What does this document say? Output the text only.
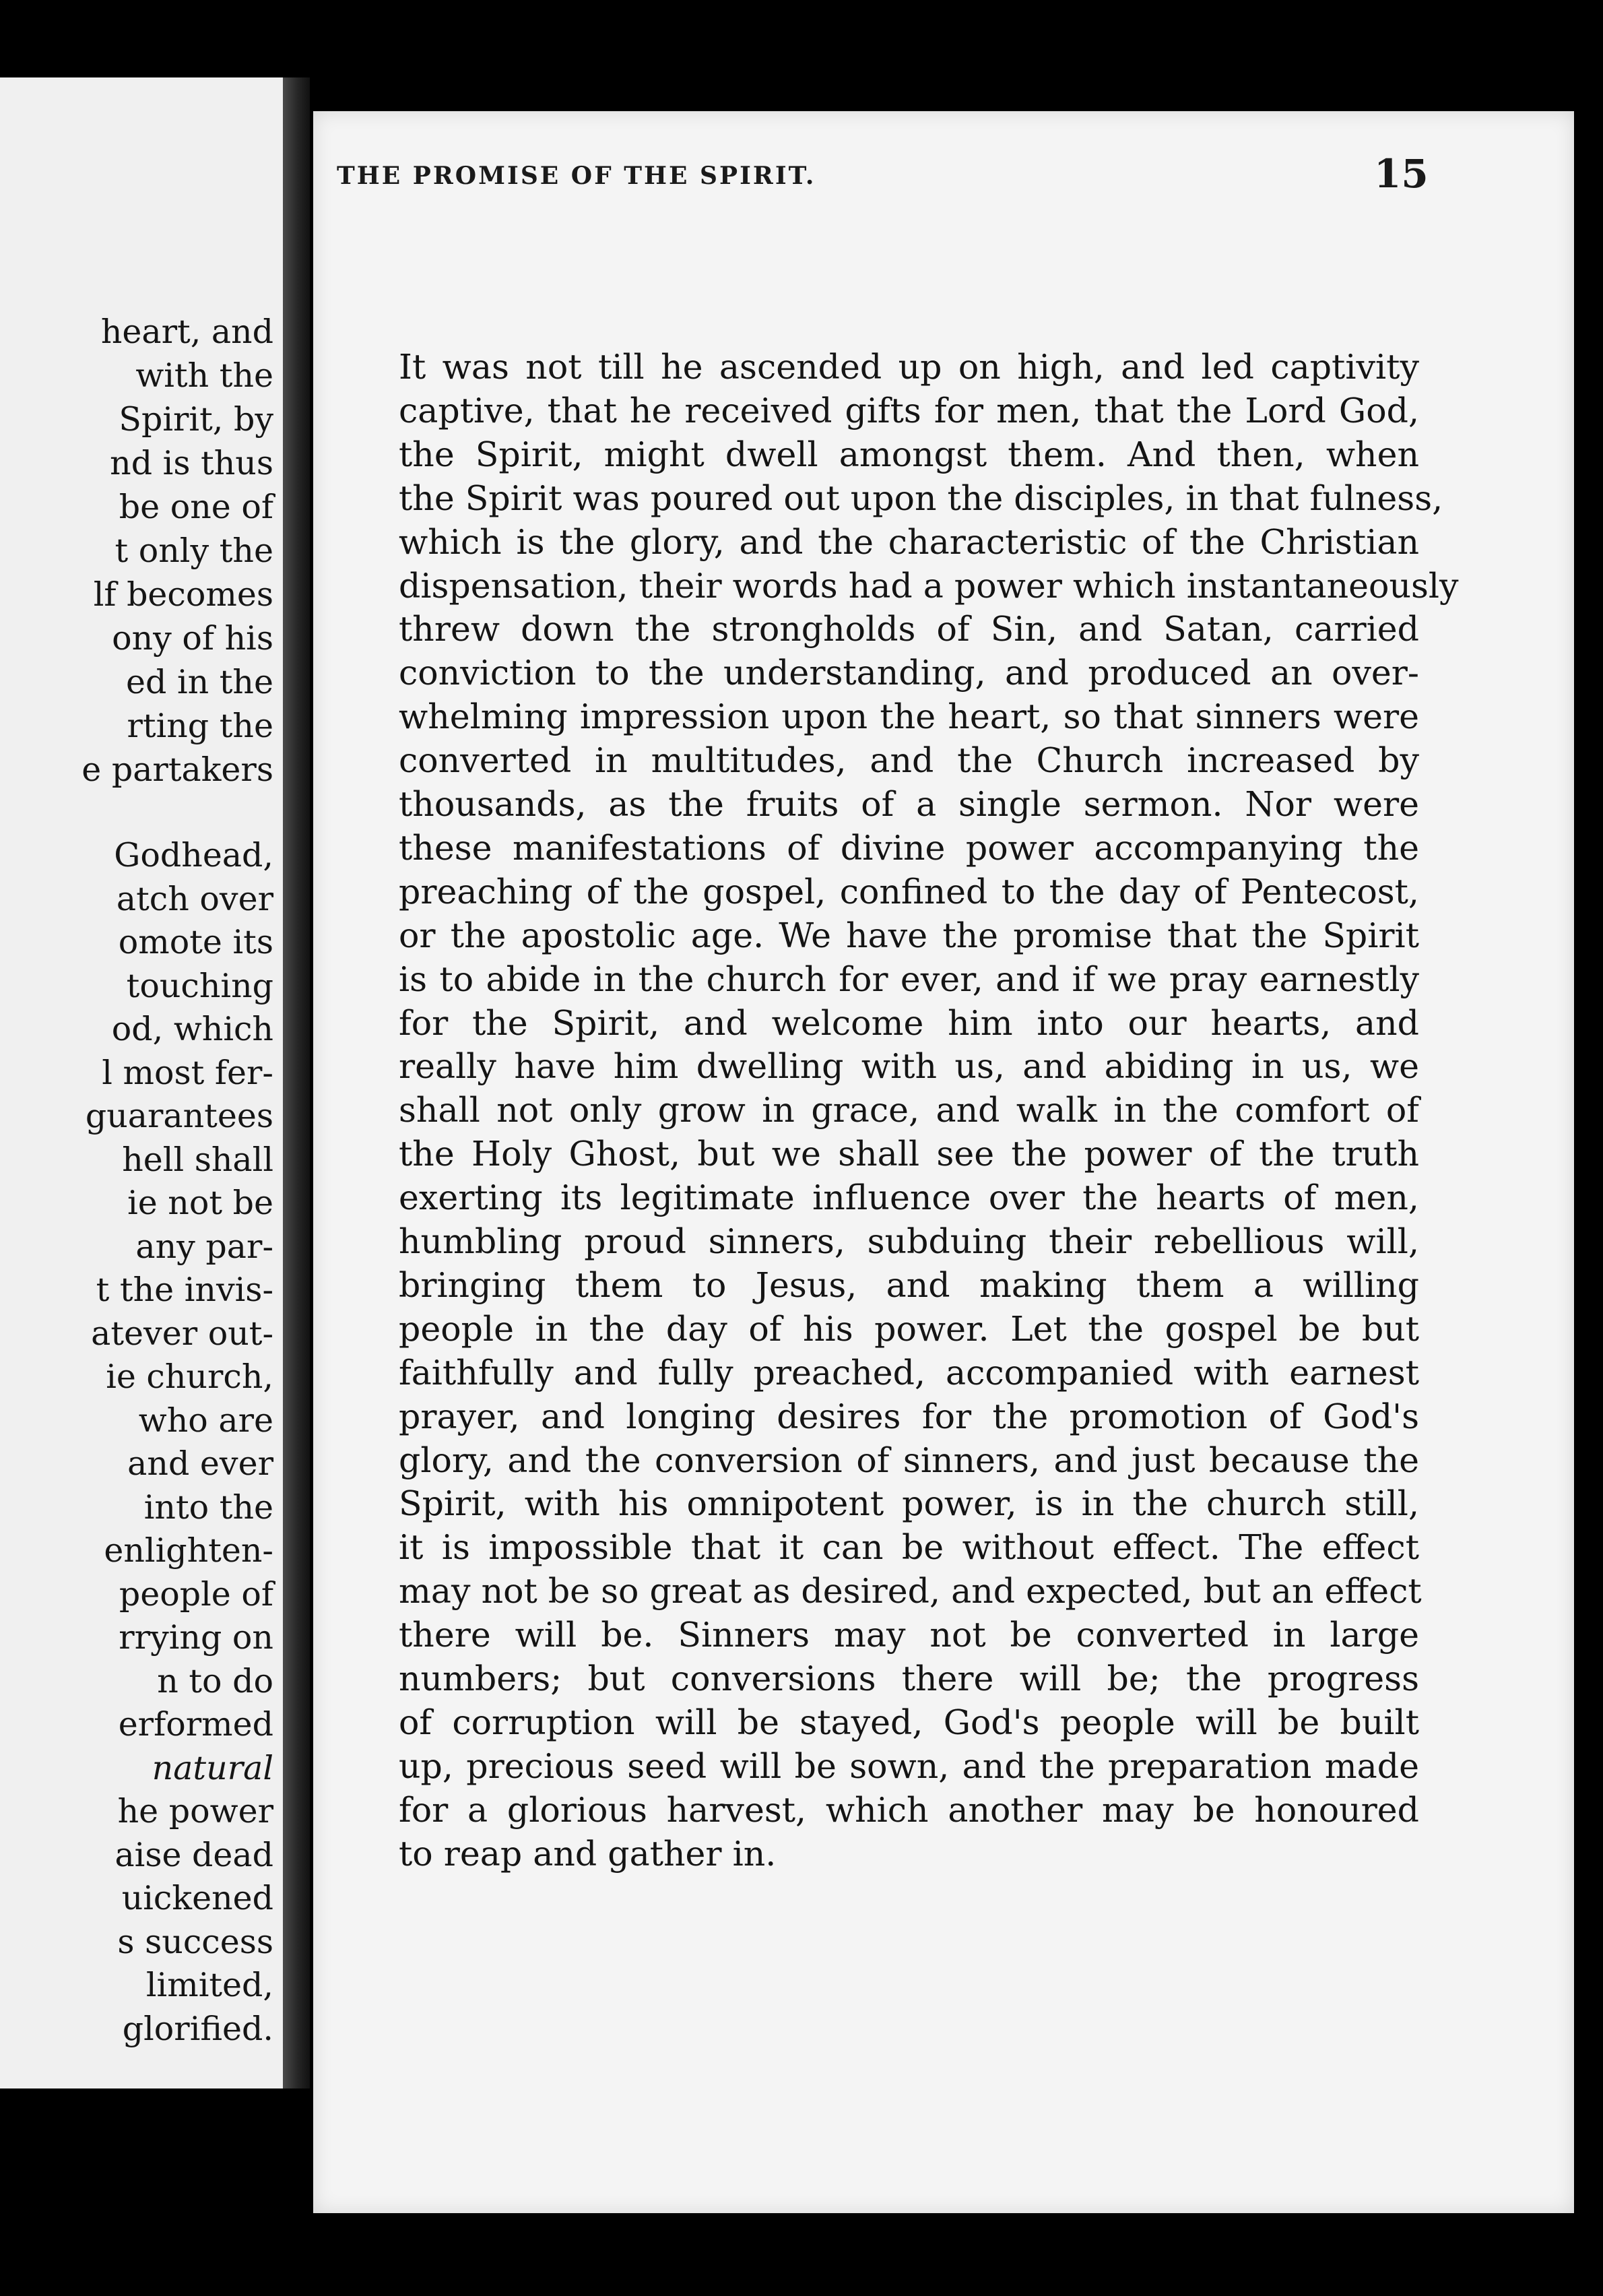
heart, and
with the
Spirit, by
nd is thus
be one of
t only the
lf becomes
ony of his
ed in the
rting the
e partakers
Godhead,
atch over
omote its
touching
od, which
l most fer-
guarantees
hell shall
ie not be
any par-
t the invis-
atever out-
ie church,
who are
and ever
into the
enlighten-
people of
rrying on
n to do
erformed
natural
he power
aise dead
uickened
s success
limited,
glorified.
THE PROMISE OF THE SPIRIT.	15
It was not till he ascended up on high, and led captivity
captive, that he received gifts for men, that the Lord God,
the Spirit, might dwell amongst them. And then, when
the Spirit was poured out upon the disciples, in that fulness,
which is the glory, and the characteristic of the Christian
dispensation, their words had a power which instantaneously
threw down the strongholds of Sin, and Satan, carried
conviction to the understanding, and produced an over-
whelming impression upon the heart, so that sinners were
converted in multitudes, and the Church increased by
thousands, as the fruits of a single sermon. Nor were
these manifestations of divine power accompanying the
preaching of the gospel, confined to the day of Pentecost,
or the apostolic age. We have the promise that the Spirit
is to abide in the church for ever, and if we pray earnestly
for the Spirit, and welcome him into our hearts, and
really have him dwelling with us, and abiding in us, we
shall not only grow in grace, and walk in the comfort of
the Holy Ghost, but we shall see the power of the truth
exerting its legitimate influence over the hearts of men,
humbling proud sinners, subduing their rebellious will,
bringing them to Jesus, and making them a willing
people in the day of his power. Let the gospel be but
faithfully and fully preached, accompanied with earnest
prayer, and longing desires for the promotion of God's
glory, and the conversion of sinners, and just because the
Spirit, with his omnipotent power, is in the church still,
it is impossible that it can be without effect. The effect
may not be so great as desired, and expected, but an effect
there will be. Sinners may not be converted in large
numbers; but conversions there will be; the progress
of corruption will be stayed, God's people will be built
up, precious seed will be sown, and the preparation made
for a glorious harvest, which another may be honoured
to reap and gather in.
